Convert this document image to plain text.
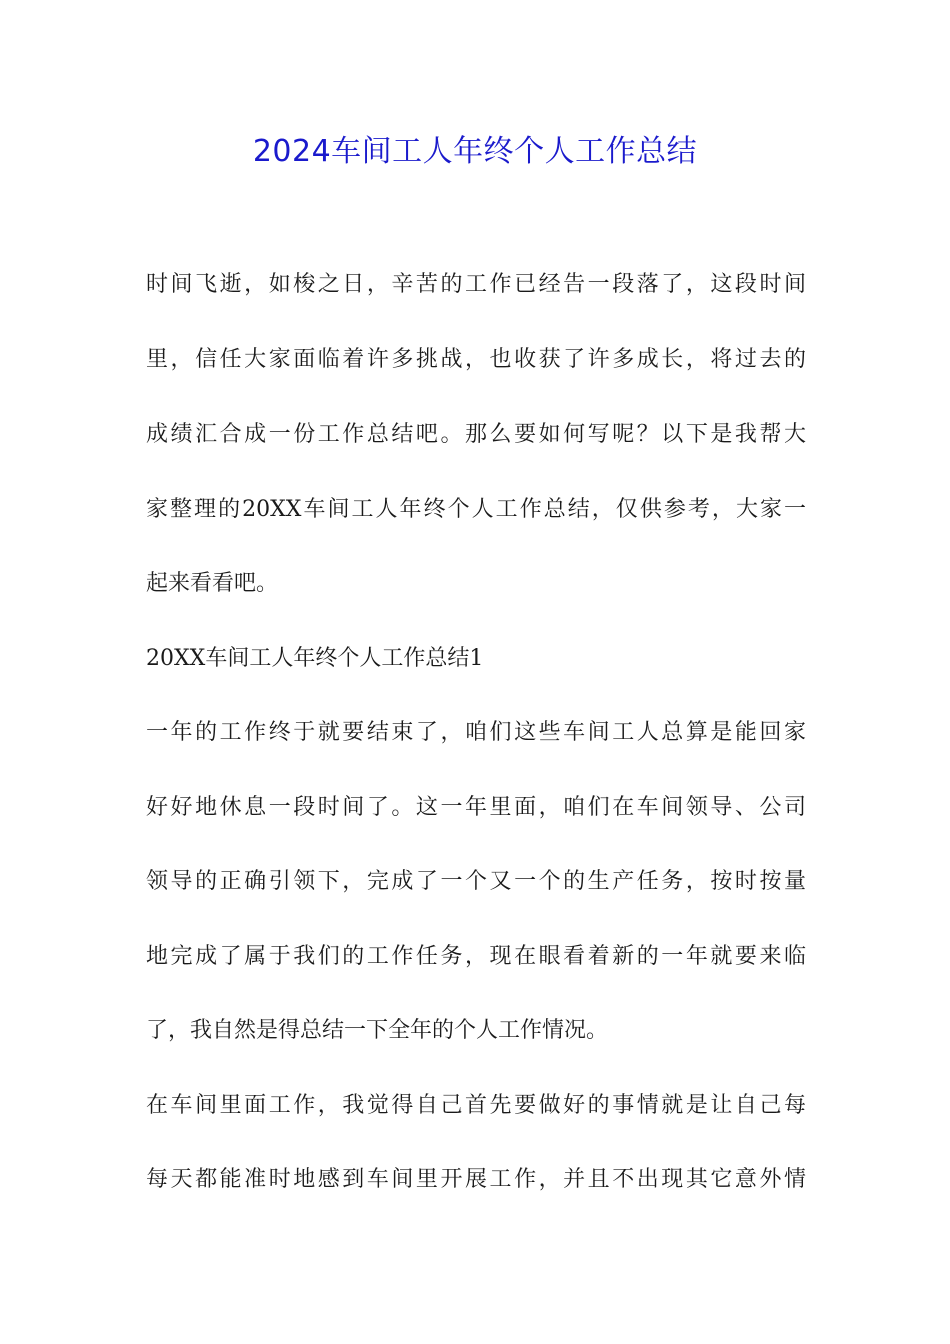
2024车间工人年终个人工作总结
时间飞逝，如梭之日，辛苦的工作已经告一段落了，这段时间
里，信任大家面临着许多挑战，也收获了许多成长，将过去的
成绩汇合成一份工作总结吧。那么要如何写呢？以下是我帮大
家整理的20XX车间工人年终个人工作总结，仅供参考，大家一
起来看看吧。
20XX车间工人年终个人工作总结1
一年的工作终于就要结束了，咱们这些车间工人总算是能回家
好好地休息一段时间了。这一年里面，咱们在车间领导、公司
领导的正确引领下，完成了一个又一个的生产任务，按时按量
地完成了属于我们的工作任务，现在眼看着新的一年就要来临
了，我自然是得总结一下全年的个人工作情况。
在车间里面工作，我觉得自己首先要做好的事情就是让自己每
每天都能准时地感到车间里开展工作，并且不出现其它意外情
